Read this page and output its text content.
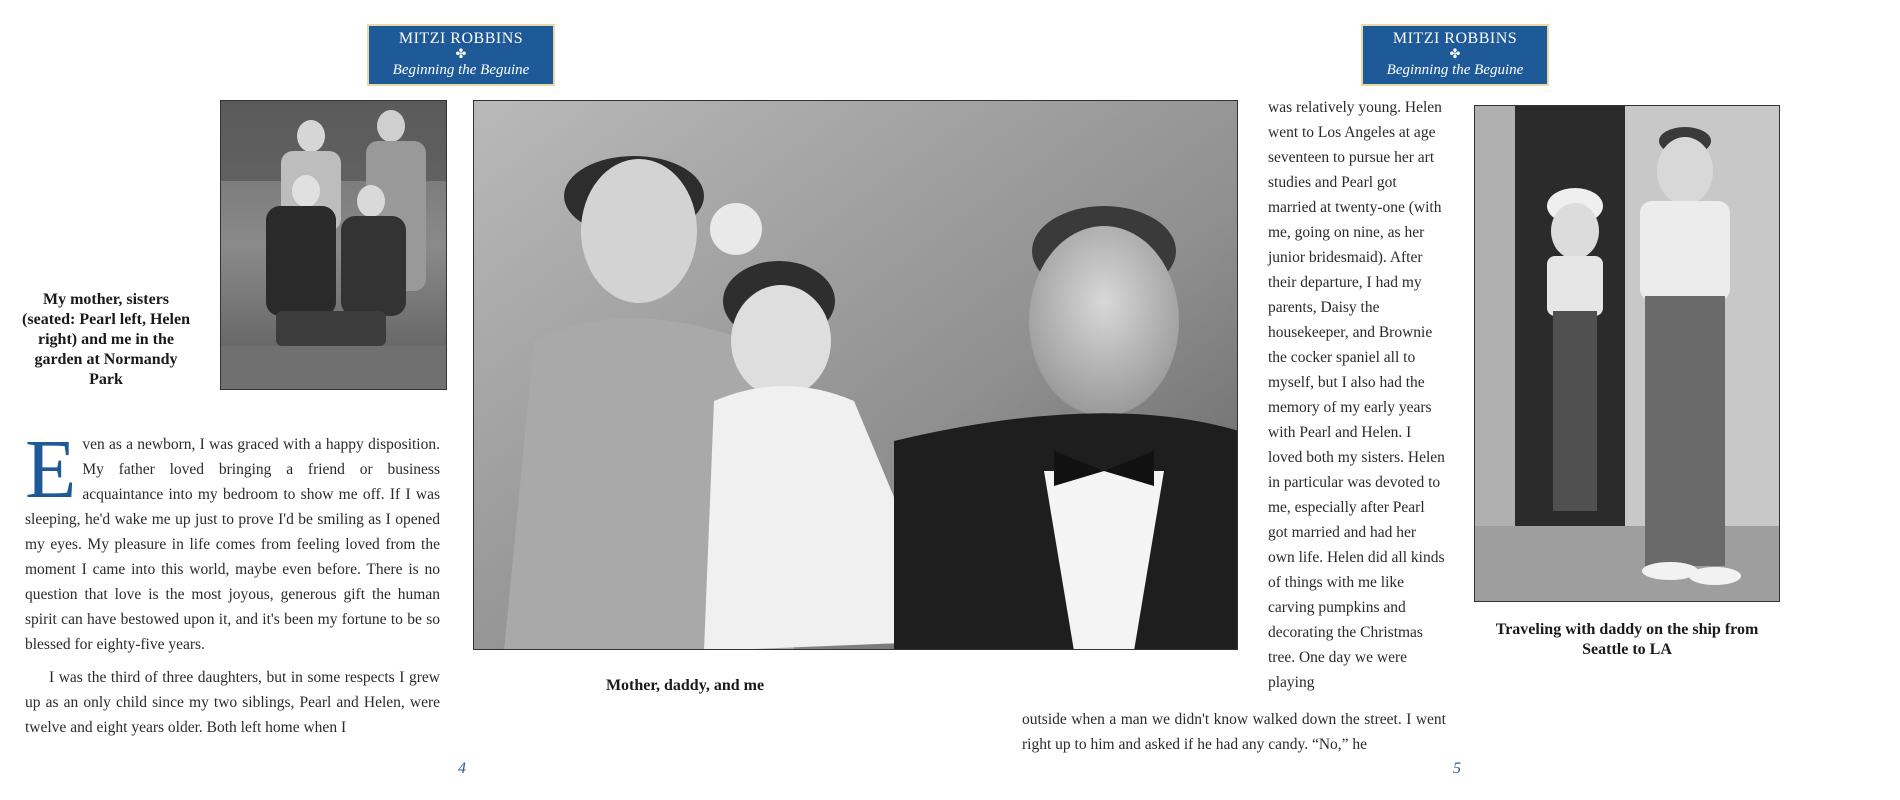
MITZI ROBBINS
✤
Beginning the Beguine
MITZI ROBBINS
✤
Beginning the Beguine
My mother, sisters (seated: Pearl left, Helen right) and me in the garden at Normandy Park

Even as a newborn, I was graced with a happy disposition. My father loved bringing a friend or business acquaintance into my bedroom to show me off. If I was sleeping, he'd wake me up just to prove I'd be smiling as I opened my eyes. My pleasure in life comes from feeling loved from the moment I came into this world, maybe even before. There is no question that love is the most joyous, generous gift the human spirit can have bestowed upon it, and it's been my fortune to be so blessed for eighty-five years.

I was the third of three daughters, but in some respects I grew up as an only child since my two siblings, Pearl and Helen, were twelve and eight years older. Both left home when I

Mother, daddy, and me
was relatively young. Helen went to Los Angeles at age seventeen to pursue her art studies and Pearl got married at twenty-one (with me, going on nine, as her junior bridesmaid). After their departure, I had my parents, Daisy the housekeeper, and Brownie the cocker spaniel all to myself, but I also had the memory of my early years with Pearl and Helen. I loved both my sisters. Helen in particular was devoted to me, especially after Pearl got married and had her own life. Helen did all kinds of things with me like carving pumpkins and decorating the Christmas tree. One day we were playing
outside when a man we didn't know walked down the street. I went right up to him and asked if he had any candy. “No,” he
Traveling with daddy on the ship from Seattle to LA
4	5
